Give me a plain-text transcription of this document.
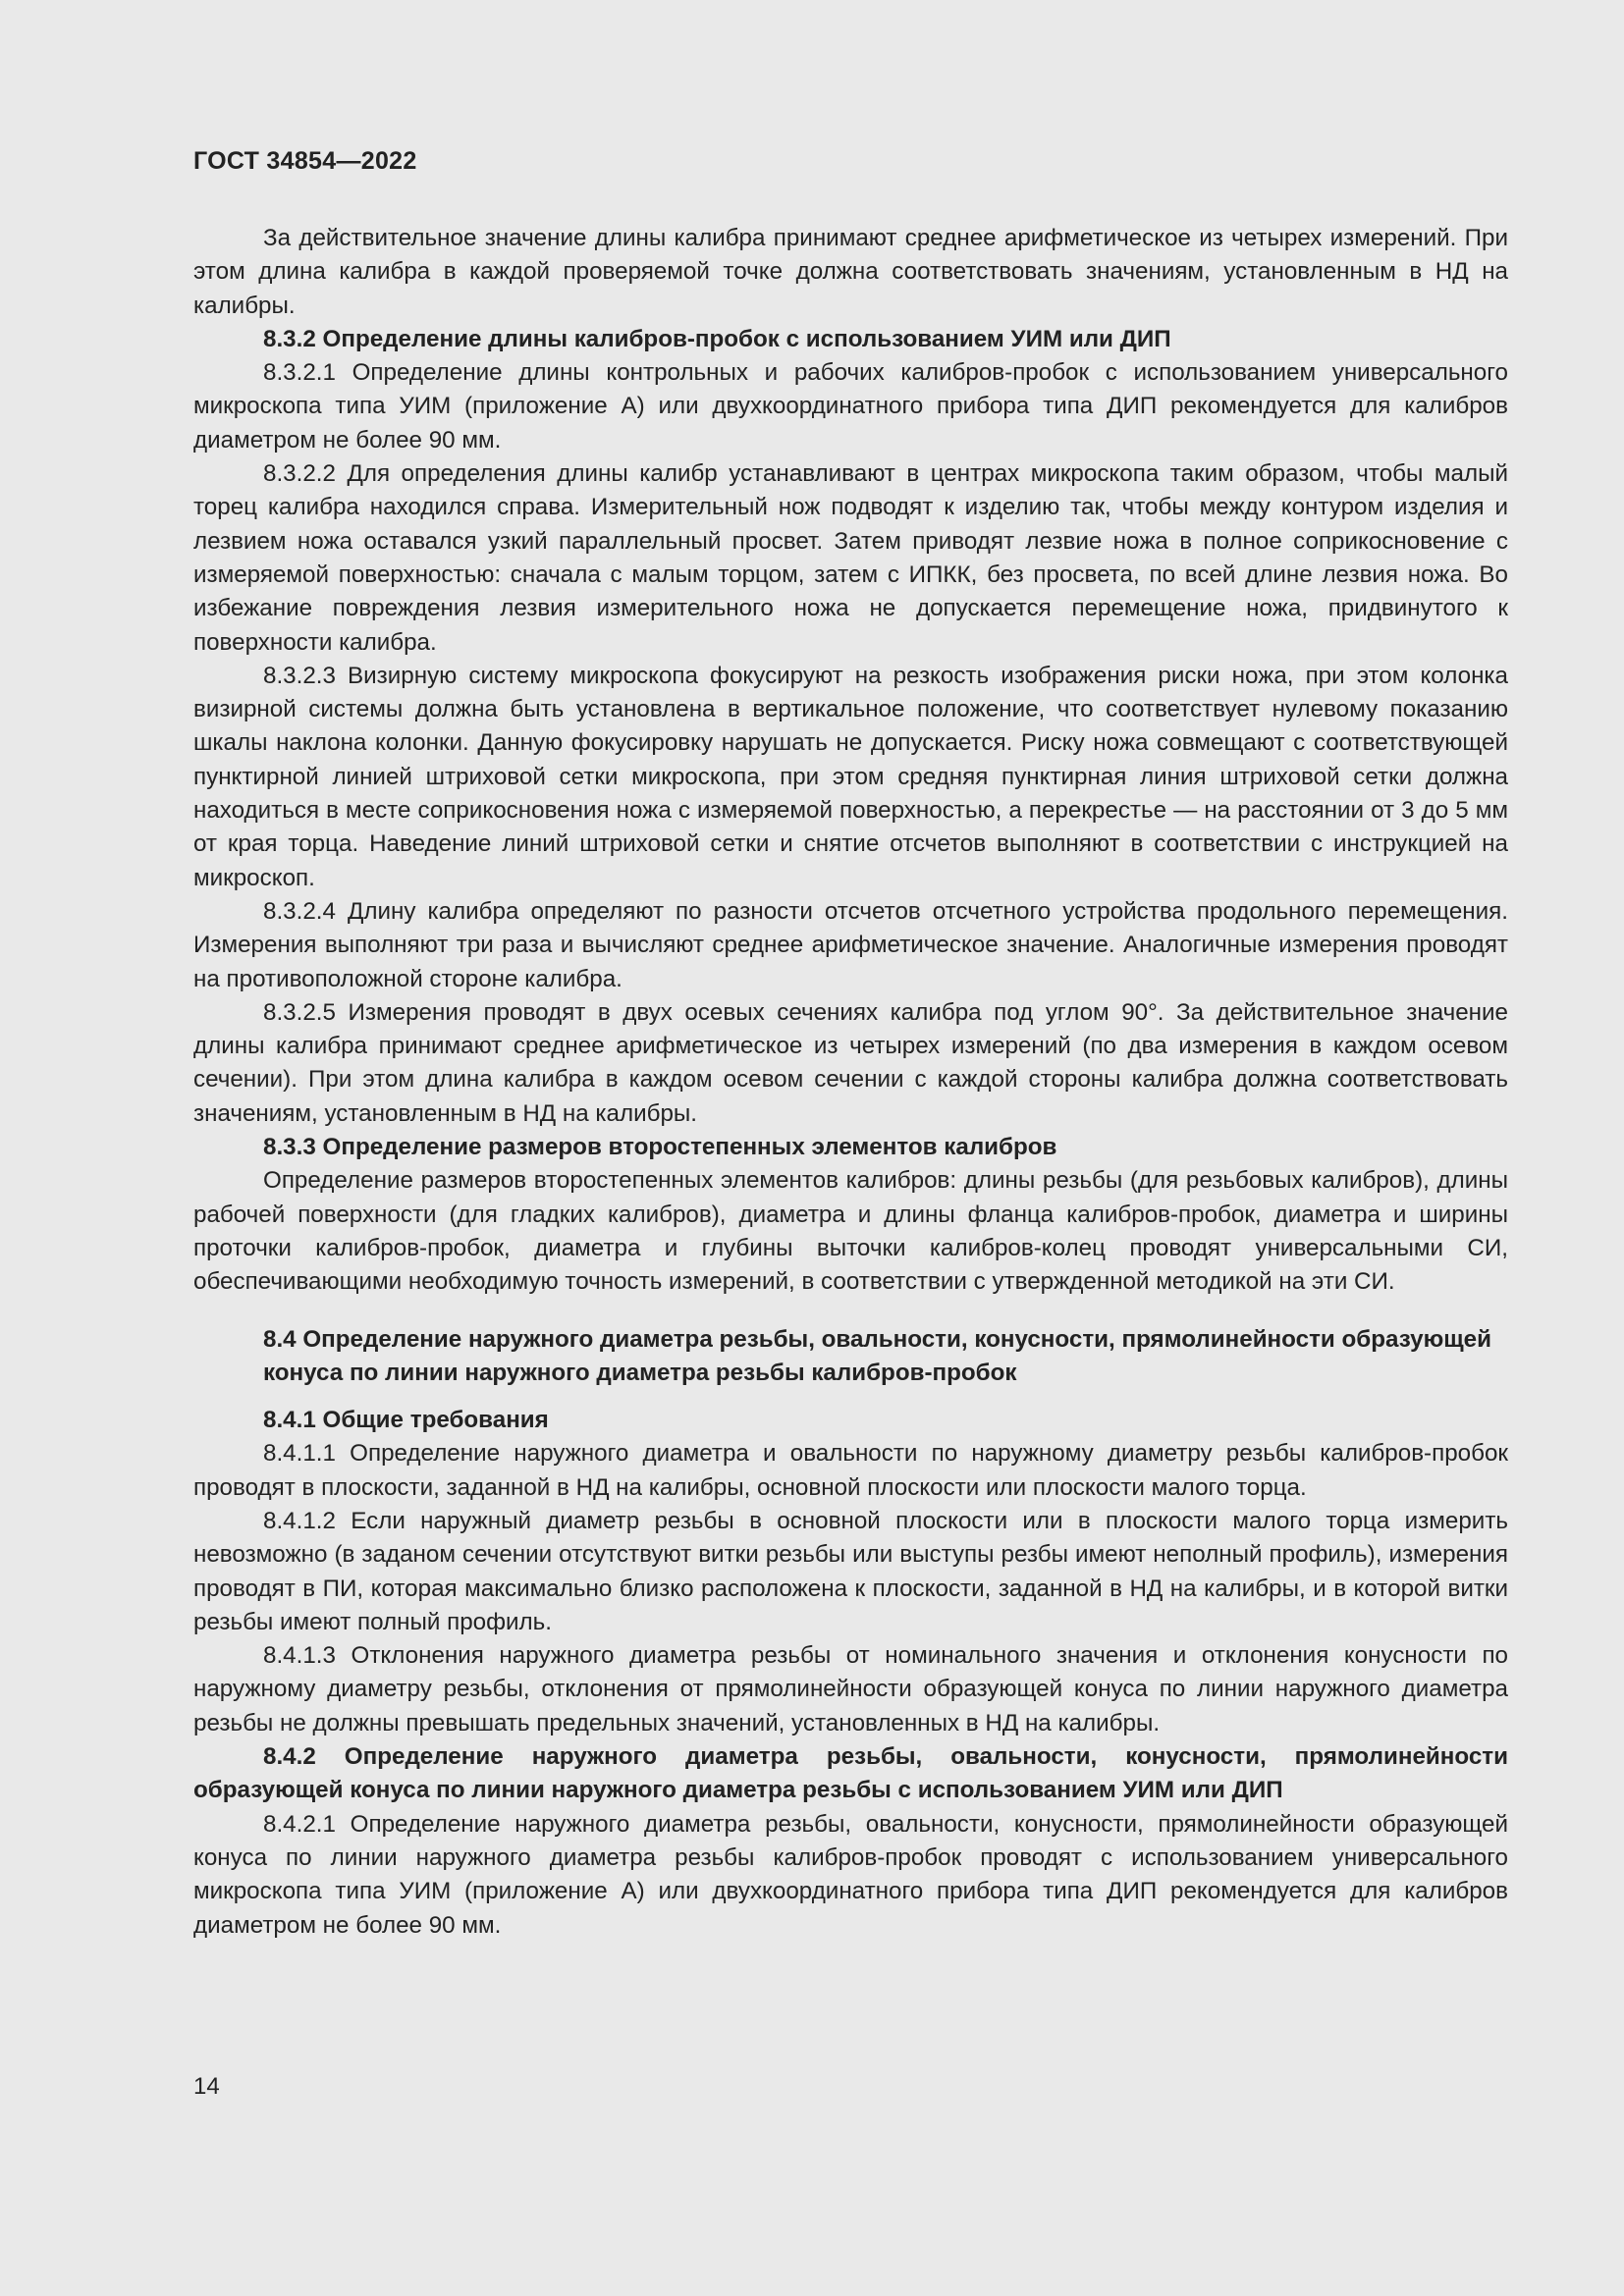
ГОСТ 34854—2022

За действительное значение длины калибра принимают среднее арифметическое из четырех измерений. При этом длина калибра в каждой проверяемой точке должна соответствовать значениям, установленным в НД на калибры.

8.3.2 Определение длины калибров-пробок с использованием УИМ или ДИП

8.3.2.1 Определение длины контрольных и рабочих калибров-пробок с использованием универсального микроскопа типа УИМ (приложение А) или двухкоординатного прибора типа ДИП рекомендуется для калибров диаметром не более 90 мм.

8.3.2.2 Для определения длины калибр устанавливают в центрах микроскопа таким образом, чтобы малый торец калибра находился справа. Измерительный нож подводят к изделию так, чтобы между контуром изделия и лезвием ножа оставался узкий параллельный просвет. Затем приводят лезвие ножа в полное соприкосновение с измеряемой поверхностью: сначала с малым торцом, затем с ИПКК, без просвета, по всей длине лезвия ножа. Во избежание повреждения лезвия измерительного ножа не допускается перемещение ножа, придвинутого к поверхности калибра.

8.3.2.3 Визирную систему микроскопа фокусируют на резкость изображения риски ножа, при этом колонка визирной системы должна быть установлена в вертикальное положение, что соответствует нулевому показанию шкалы наклона колонки. Данную фокусировку нарушать не допускается. Риску ножа совмещают с соответствующей пунктирной линией штриховой сетки микроскопа, при этом средняя пунктирная линия штриховой сетки должна находиться в месте соприкосновения ножа с измеряемой поверхностью, а перекрестье — на расстоянии от 3 до 5 мм от края торца. Наведение линий штриховой сетки и снятие отсчетов выполняют в соответствии с инструкцией на микроскоп.

8.3.2.4 Длину калибра определяют по разности отсчетов отсчетного устройства продольного перемещения. Измерения выполняют три раза и вычисляют среднее арифметическое значение. Аналогичные измерения проводят на противоположной стороне калибра.

8.3.2.5 Измерения проводят в двух осевых сечениях калибра под углом 90°. За действительное значение длины калибра принимают среднее арифметическое из четырех измерений (по два измерения в каждом осевом сечении). При этом длина калибра в каждом осевом сечении с каждой стороны калибра должна соответствовать значениям, установленным в НД на калибры.

8.3.3 Определение размеров второстепенных элементов калибров

Определение размеров второстепенных элементов калибров: длины резьбы (для резьбовых калибров), длины рабочей поверхности (для гладких калибров), диаметра и длины фланца калибров-пробок, диаметра и ширины проточки калибров-пробок, диаметра и глубины выточки калибров-колец проводят универсальными СИ, обеспечивающими необходимую точность измерений, в соответствии с утвержденной методикой на эти СИ.

8.4 Определение наружного диаметра резьбы, овальности, конусности, прямолинейности образующей конуса по линии наружного диаметра резьбы калибров-пробок

8.4.1 Общие требования

8.4.1.1 Определение наружного диаметра и овальности по наружному диаметру резьбы калибров-пробок проводят в плоскости, заданной в НД на калибры, основной плоскости или плоскости малого торца.

8.4.1.2 Если наружный диаметр резьбы в основной плоскости или в плоскости малого торца измерить невозможно (в заданом сечении отсутствуют витки резьбы или выступы резбы имеют неполный профиль), измерения проводят в ПИ, которая максимально близко расположена к плоскости, заданной в НД на калибры, и в которой витки резьбы имеют полный профиль.

8.4.1.3 Отклонения наружного диаметра резьбы от номинального значения и отклонения конусности по наружному диаметру резьбы, отклонения от прямолинейности образующей конуса по линии наружного диаметра резьбы не должны превышать предельных значений, установленных в НД на калибры.

8.4.2 Определение наружного диаметра резьбы, овальности, конусности, прямолинейности образующей конуса по линии наружного диаметра резьбы с использованием УИМ или ДИП

8.4.2.1 Определение наружного диаметра резьбы, овальности, конусности, прямолинейности образующей конуса по линии наружного диаметра резьбы калибров-пробок проводят с использованием универсального микроскопа типа УИМ (приложение А) или двухкоординатного прибора типа ДИП рекомендуется для калибров диаметром не более 90 мм.

14
